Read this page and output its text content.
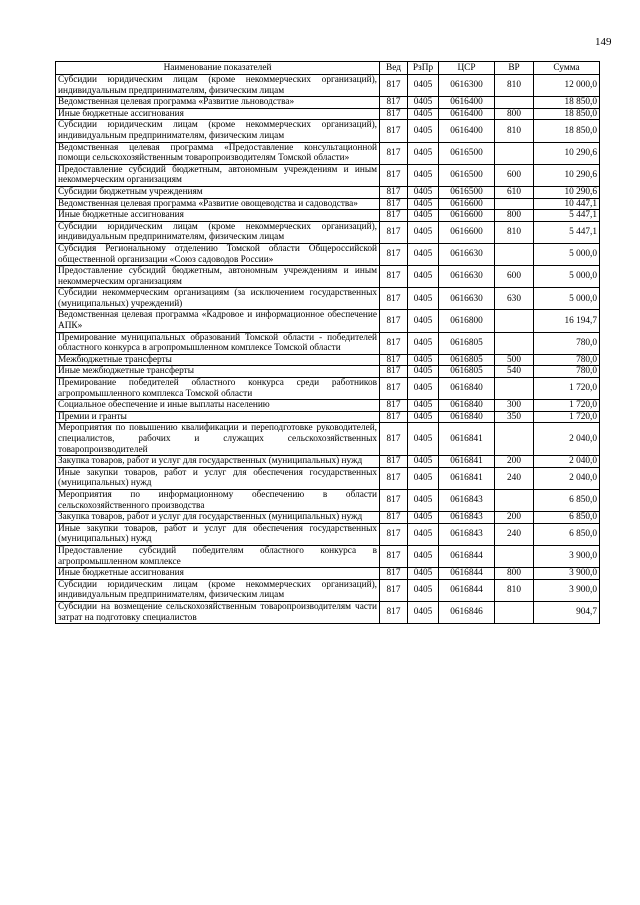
149
Наименование показателей	Вед	РзПр	ЦСР	ВР	Сумма
Субсидии юридическим лицам (кроме некоммерческих организаций), индивидуальным предпринимателям, физическим лицам	817	0405	0616300	810	12 000,0
Ведомственная целевая программа «Развитие льноводства»	817	0405	0616400		18 850,0
Иные бюджетные ассигнования	817	0405	0616400	800	18 850,0
Субсидии юридическим лицам (кроме некоммерческих организаций), индивидуальным предпринимателям, физическим лицам	817	0405	0616400	810	18 850,0
Ведомственная целевая программа «Предоставление консультационной помощи сельскохозяйственным товаропроизводителям Томской области»	817	0405	0616500		10 290,6
Предоставление субсидий бюджетным, автономным учреждениям и иным некоммерческим организациям	817	0405	0616500	600	10 290,6
Субсидии бюджетным учреждениям	817	0405	0616500	610	10 290,6
Ведомственная целевая программа «Развитие овощеводства и садоводства»	817	0405	0616600		10 447,1
Иные бюджетные ассигнования	817	0405	0616600	800	5 447,1
Субсидии юридическим лицам (кроме некоммерческих организаций), индивидуальным предпринимателям, физическим лицам	817	0405	0616600	810	5 447,1
Субсидия Региональному отделению Томской области Общероссийской общественной организации «Союз садоводов России»	817	0405	0616630		5 000,0
Предоставление субсидий бюджетным, автономным учреждениям и иным некоммерческим организациям	817	0405	0616630	600	5 000,0
Субсидии некоммерческим организациям (за исключением государственных (муниципальных) учреждений)	817	0405	0616630	630	5 000,0
Ведомственная целевая программа «Кадровое и информационное обеспечение АПК»	817	0405	0616800		16 194,7
Премирование муниципальных образований Томской области - победителей областного конкурса в агропромышленном комплексе Томской области	817	0405	0616805		780,0
Межбюджетные трансферты	817	0405	0616805	500	780,0
Иные межбюджетные трансферты	817	0405	0616805	540	780,0
Премирование победителей областного конкурса среди работников агропромышленного комплекса Томской области	817	0405	0616840		1 720,0
Социальное обеспечение и иные выплаты населению	817	0405	0616840	300	1 720,0
Премии и гранты	817	0405	0616840	350	1 720,0
Мероприятия по повышению квалификации и переподготовке руководителей, специалистов, рабочих и служащих сельскохозяйственных товаропроизводителей	817	0405	0616841		2 040,0
Закупка товаров, работ и услуг для государственных (муниципальных) нужд	817	0405	0616841	200	2 040,0
Иные закупки товаров, работ и услуг для обеспечения государственных (муниципальных) нужд	817	0405	0616841	240	2 040,0
Мероприятия по информационному обеспечению в области сельскохозяйственного производства	817	0405	0616843		6 850,0
Закупка товаров, работ и услуг для государственных (муниципальных) нужд	817	0405	0616843	200	6 850,0
Иные закупки товаров, работ и услуг для обеспечения государственных (муниципальных) нужд	817	0405	0616843	240	6 850,0
Предоставление субсидий победителям областного конкурса в агропромышленном комплексе	817	0405	0616844		3 900,0
Иные бюджетные ассигнования	817	0405	0616844	800	3 900,0
Субсидии юридическим лицам (кроме некоммерческих организаций), индивидуальным предпринимателям, физическим лицам	817	0405	0616844	810	3 900,0
Субсидии на возмещение сельскохозяйственным товаропроизводителям части затрат на подготовку специалистов	817	0405	0616846		904,7
